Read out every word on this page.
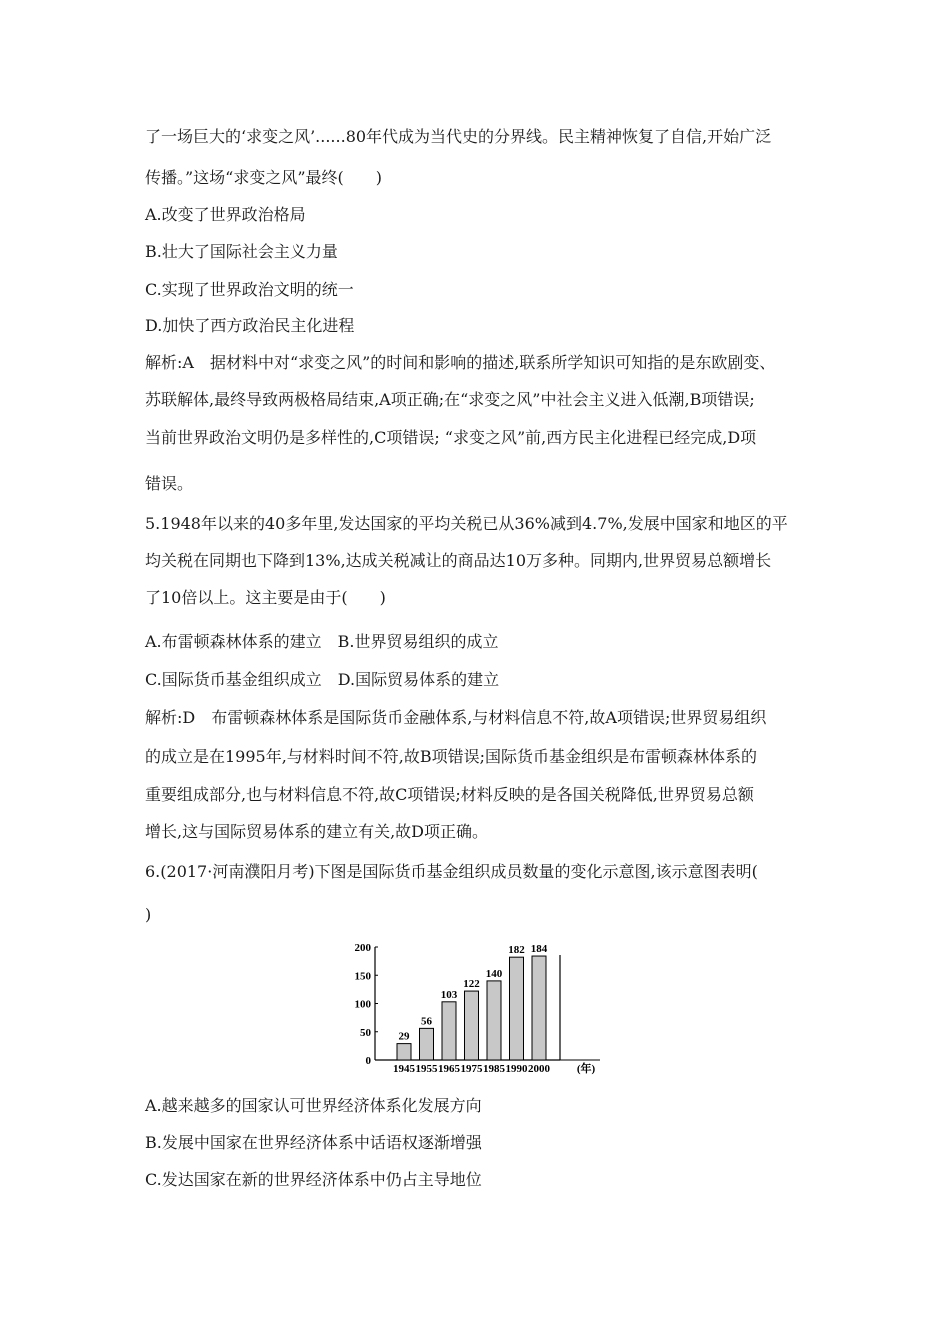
了一场巨大的‘求变之风’......80年代成为当代史的分界线。民主精神恢复了自信,开始广泛
传播。”这场“求变之风”最终(　　)
A.改变了世界政治格局
B.壮大了国际社会主义力量
C.实现了世界政治文明的统一
D.加快了西方政治民主化进程
解析:A　据材料中对“求变之风”的时间和影响的描述,联系所学知识可知指的是东欧剧变、
苏联解体,最终导致两极格局结束,A项正确;在“求变之风”中社会主义进入低潮,B项错误;
当前世界政治文明仍是多样性的,C项错误; “求变之风”前,西方民主化进程已经完成,D项
错误。
5.1948年以来的40多年里,发达国家的平均关税已从36%减到4.7%,发展中国家和地区的平
均关税在同期也下降到13%,达成关税减让的商品达10万多种。同期内,世界贸易总额增长
了10倍以上。这主要是由于(　　)
A.布雷顿森林体系的建立　B.世界贸易组织的成立
C.国际货币基金组织成立　D.国际贸易体系的建立
解析:D　布雷顿森林体系是国际货币金融体系,与材料信息不符,故A项错误;世界贸易组织
的成立是在1995年,与材料时间不符,故B项错误;国际货币基金组织是布雷顿森林体系的
重要组成部分,也与材料信息不符,故C项错误;材料反映的是各国关税降低,世界贸易总额
增长,这与国际贸易体系的建立有关,故D项正确。
6.(2017·河南濮阳月考)下图是国际货币基金组织成员数量的变化示意图,该示意图表明(
)
A.越来越多的国家认可世界经济体系化发展方向
B.发展中国家在世界经济体系中话语权逐渐增强
C.发达国家在新的世界经济体系中仍占主导地位
0
50
100
150
200
29
1945
56
1955
103
1965
122
1975
140
1985
182
1990
184
2000 (年)
